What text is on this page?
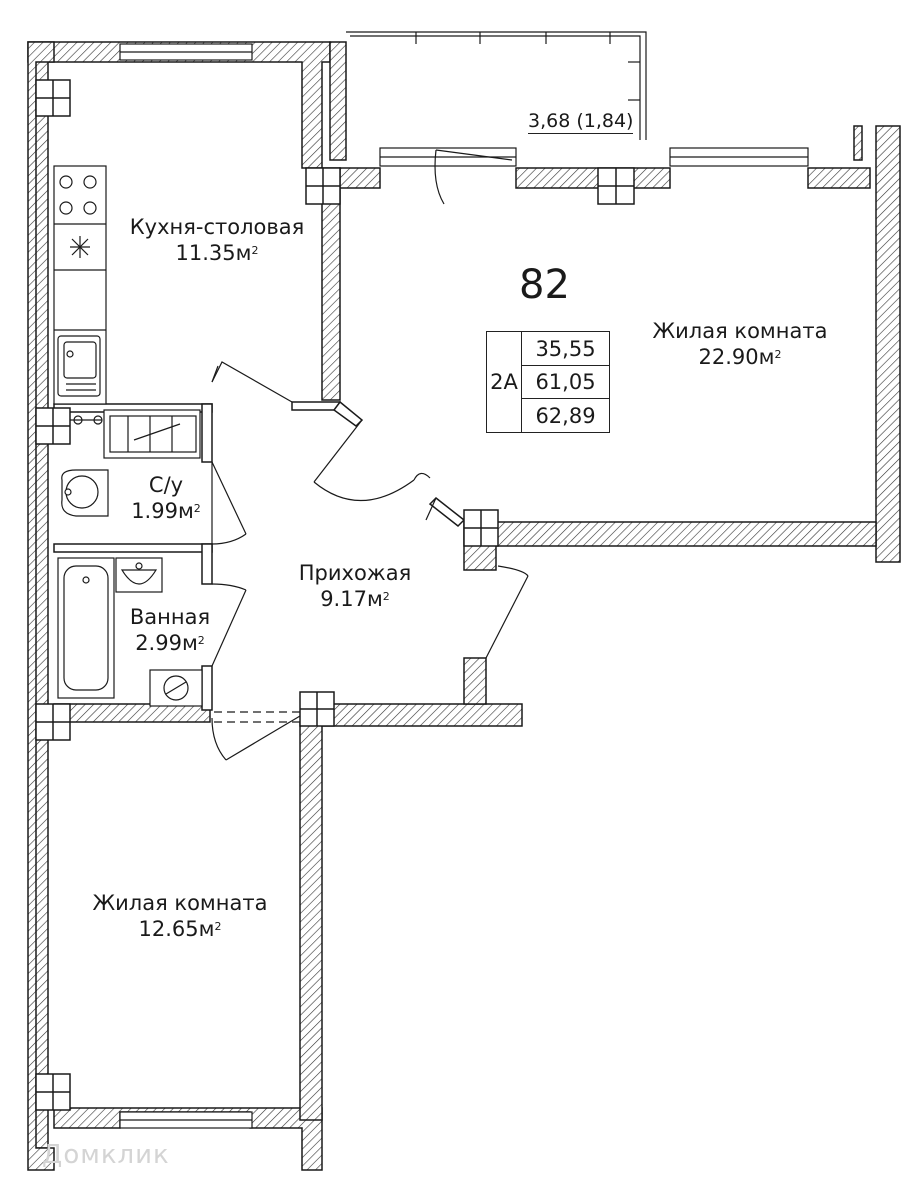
Кухня-столовая
$11.35м^2$
Жилая комната
$22.90м^2$
С/у
$1.99м^2$
Прихожая
$9.17м^2$
Ванная
$2.99м^2$
Жилая комната
$12.65м^2$
82
2A
35,55
61,05
62,89
3,68 (1,84)
Домклик
